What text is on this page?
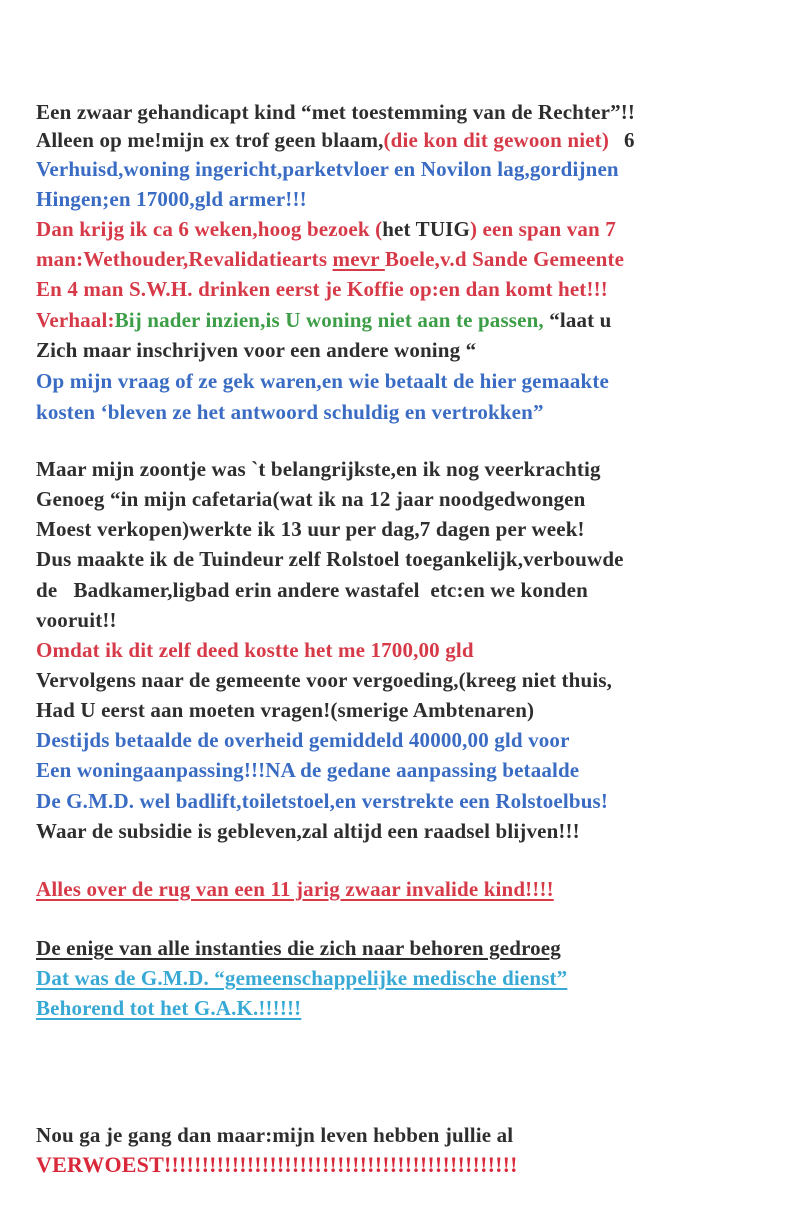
Een zwaar gehandicapt kind “met toestemming van de Rechter”!!
Alleen op me!mijn ex trof geen blaam,(die kon dit gewoon niet) 6
Verhuisd,woning ingericht,parketvloer en Novilon lag,gordijnen
Hingen;en 17000,gld armer!!!
Dan krijg ik ca 6 weken,hoog bezoek (het TUIG) een span van 7
man:Wethouder,Revalidatiearts mevr Boele,v.d Sande Gemeente
En 4 man S.W.H. drinken eerst je Koffie op:en dan komt het!!!
Verhaal:Bij nader inzien,is U woning niet aan te passen, “laat u
Zich maar inschrijven voor een andere woning “
Op mijn vraag of ze gek waren,en wie betaalt de hier gemaakte
kosten ‘bleven ze het antwoord schuldig en vertrokken”
Maar mijn zoontje was `t belangrijkste,en ik nog veerkrachtig
Genoeg “in mijn cafetaria(wat ik na 12 jaar noodgedwongen
Moest verkopen)werkte ik 13 uur per dag,7 dagen per week!
Dus maakte ik de Tuindeur zelf Rolstoel toegankelijk,verbouwde
de   Badkamer,ligbad erin andere wastafel  etc:en we konden
vooruit!!
Omdat ik dit zelf deed kostte het me 1700,00 gld
Vervolgens naar de gemeente voor vergoeding,(kreeg niet thuis,
Had U eerst aan moeten vragen!(smerige Ambtenaren)
Destijds betaalde de overheid gemiddeld 40000,00 gld voor
Een woningaanpassing!!!NA de gedane aanpassing betaalde
De G.M.D. wel badlift,toiletstoel,en verstrekte een Rolstoelbus!
Waar de subsidie is gebleven,zal altijd een raadsel blijven!!!
Alles over de rug van een 11 jarig zwaar invalide kind!!!!
De enige van alle instanties die zich naar behoren gedroeg
Dat was de G.M.D. “gemeenschappelijke medische dienst”
Behorend tot het G.A.K.!!!!!!
Nou ga je gang dan maar:mijn leven hebben jullie al
VERWOEST!!!!!!!!!!!!!!!!!!!!!!!!!!!!!!!!!!!!!!!!!!!!!!!
